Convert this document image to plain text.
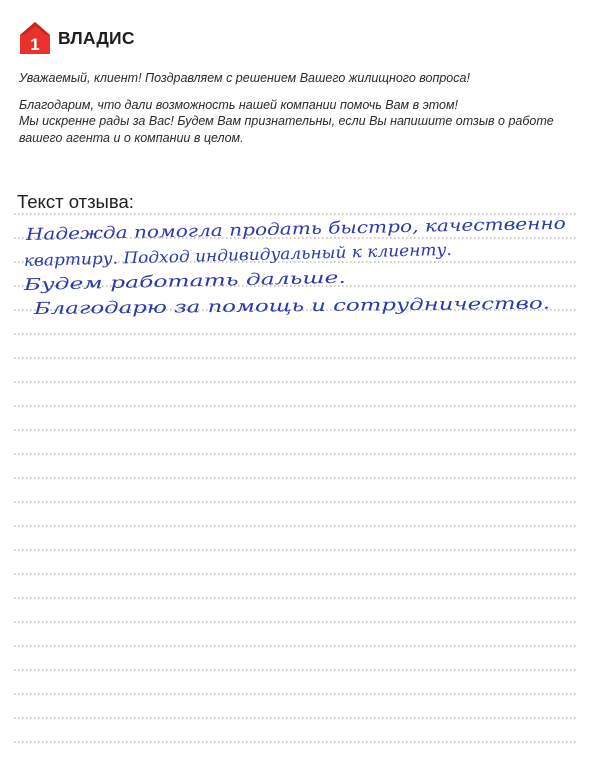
1 ВЛАДИС

Уважаемый, клиент! Поздравляем с решением Вашего жилищного вопроса!

Благодарим, что дали возможность нашей компании помочь Вам в этом!

Мы искренне рады за Вас! Будем Вам признательны, если Вы напишите отзыв о работе

вашего агента и о компании в целом.

Текст отзыва:
Надежда помогла продать быстро, качественно
квартиру. Подход индивидуальный к клиенту.
Будем работать дальше.
Благодарю за помощь и сотрудничество.
